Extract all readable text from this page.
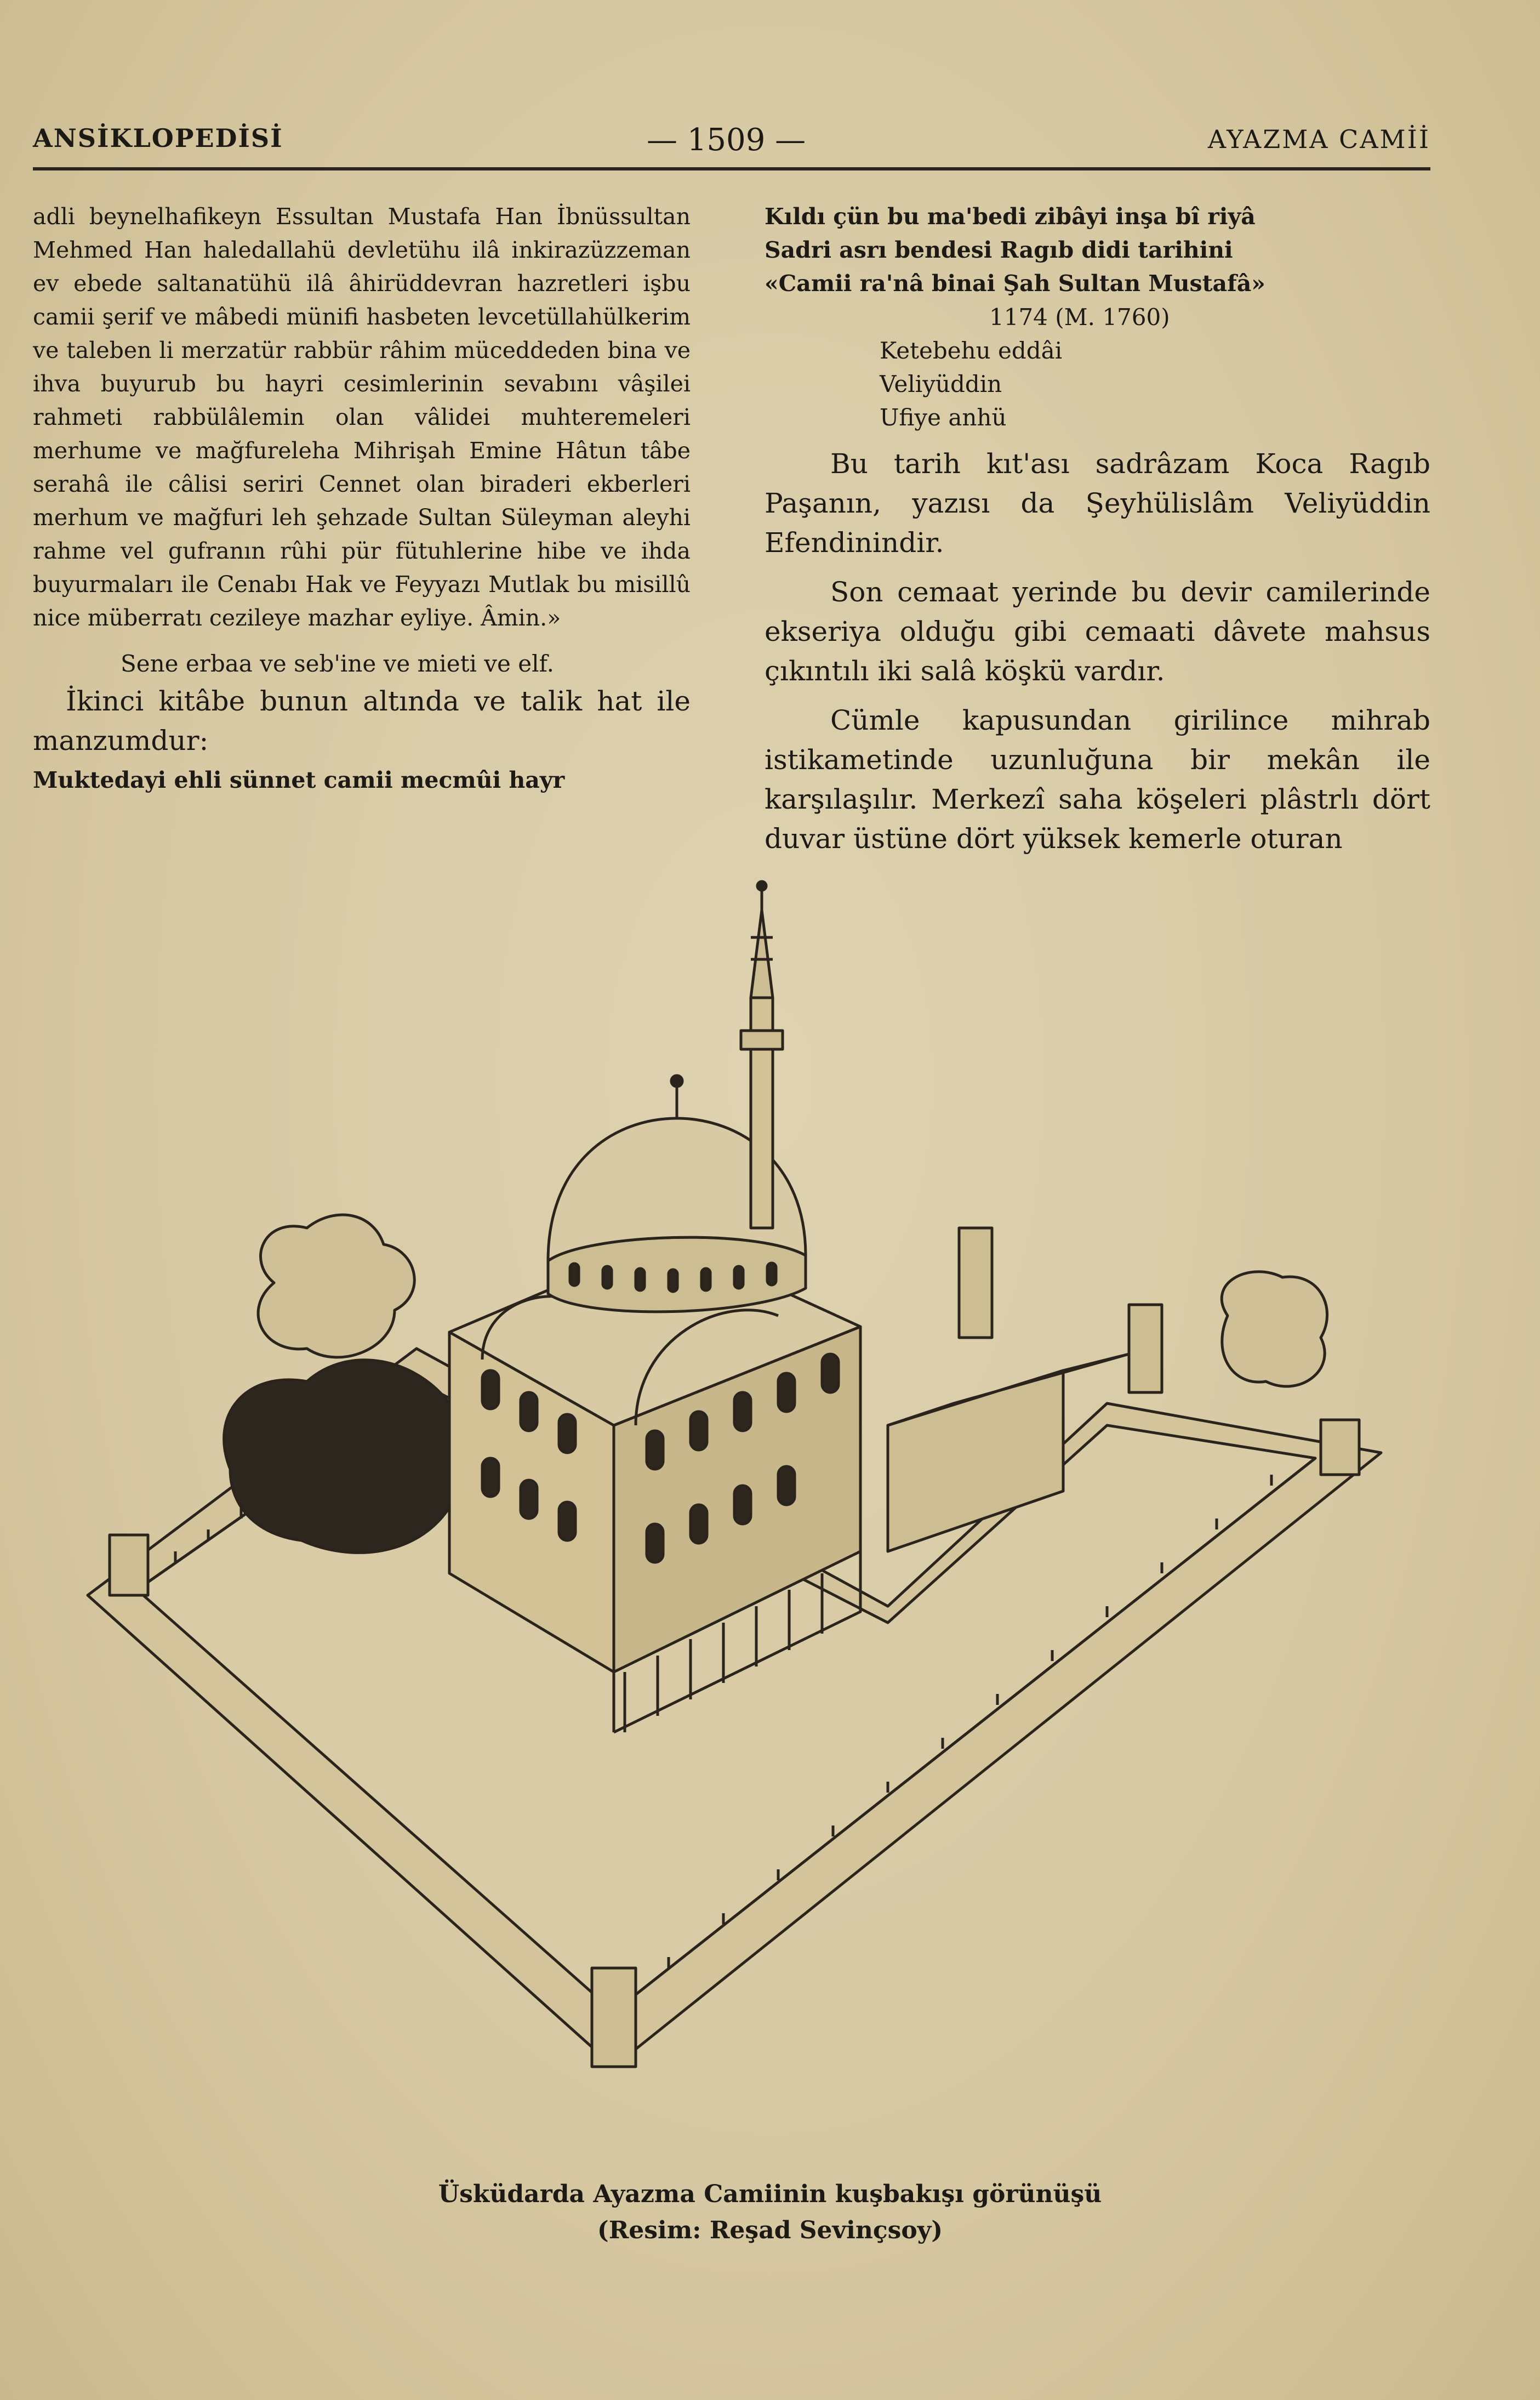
ANSİKLOPEDİSİ	— 1509 —	AYAZMA CAMİİ

adli beynelhafikeyn Essultan Mustafa Han İbnüssultan Mehmed Han haledallahü devletühu ilâ inkirazüzzeman ev ebede saltanatühü ilâ âhirüddevran hazretleri işbu camii şerif ve mâbedi münifi hasbeten levcetüllahülkerim ve taleben li merzatür rabbür râhim müceddeden bina ve ihva buyurub bu hayri cesimlerinin sevabını vâşilei rahmeti rabbülâlemin olan vâlidei muhteremeleri merhume ve mağfureleha Mihrişah Emine Hâtun tâbe serahâ ile câlisi seriri Cennet olan biraderi ekberleri merhum ve mağfuri leh şehzade Sultan Süleyman aleyhi rahme vel gufranın rûhi pür fütuhlerine hibe ve ihda buyurmaları ile Cenabı Hak ve Feyyazı Mutlak bu misillû nice müberratı cezileye mazhar eyliye. Âmin.»

Sene erbaa ve seb'ine ve mieti ve elf.

İkinci kitâbe bunun altında ve talik hat ile manzumdur:

Muktedayi ehli sünnet camii mecmûi hayr
Kıldı çün bu ma'bedi zibâyi inşa bî riyâ
Sadri asrı bendesi Ragıb didi tarihini
«Camii ra'nâ binai Şah Sultan Mustafâ»
1174 (M. 1760)
Ketebehu eddâi
Veliyüddin
Ufiye anhü

Bu tarih kıt'ası sadrâzam Koca Ragıb Paşanın, yazısı da Şeyhülislâm Veliyüddin Efendinindir.

Son cemaat yerinde bu devir camilerinde ekseriya olduğu gibi cemaati dâvete mahsus çıkıntılı iki salâ köşkü vardır.

Cümle kapusundan girilince mihrab istikametinde uzunluğuna bir mekân ile karşılaşılır. Merkezî saha köşeleri plâstrlı dört duvar üstüne dört yüksek kemerle oturan

Üsküdarda Ayazma Camiinin kuşbakışı görünüşü
(Resim: Reşad Sevinçsoy)
